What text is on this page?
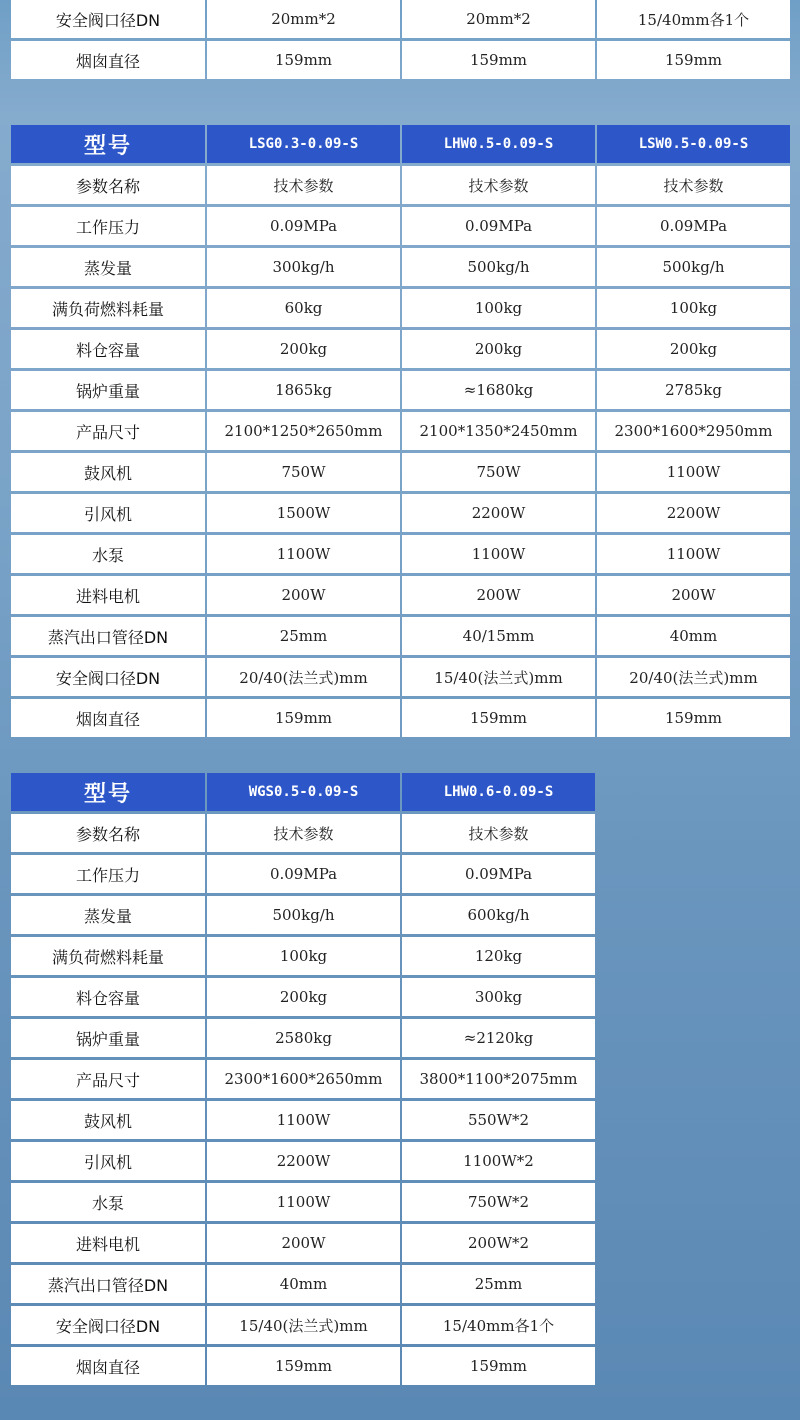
安全阀口径DN	20mm*2	20mm*2	15/40mm各1个
烟囱直径	159mm	159mm	159mm
型号	LSG0.3-0.09-S	LHW0.5-0.09-S	LSW0.5-0.09-S
参数名称	技术参数	技术参数	技术参数
工作压力	0.09MPa	0.09MPa	0.09MPa
蒸发量	300kg/h	500kg/h	500kg/h
满负荷燃料耗量	60kg	100kg	100kg
料仓容量	200kg	200kg	200kg
锅炉重量	1865kg	≈1680kg	2785kg
产品尺寸	2100*1250*2650mm	2100*1350*2450mm	2300*1600*2950mm
鼓风机	750W	750W	1100W
引风机	1500W	2200W	2200W
水泵	1100W	1100W	1100W
进料电机	200W	200W	200W
蒸汽出口管径DN	25mm	40/15mm	40mm
安全阀口径DN	20/40(法兰式)mm	15/40(法兰式)mm	20/40(法兰式)mm
烟囱直径	159mm	159mm	159mm
型号	WGS0.5-0.09-S	LHW0.6-0.09-S
参数名称	技术参数	技术参数
工作压力	0.09MPa	0.09MPa
蒸发量	500kg/h	600kg/h
满负荷燃料耗量	100kg	120kg
料仓容量	200kg	300kg
锅炉重量	2580kg	≈2120kg
产品尺寸	2300*1600*2650mm	3800*1100*2075mm
鼓风机	1100W	550W*2
引风机	2200W	1100W*2
水泵	1100W	750W*2
进料电机	200W	200W*2
蒸汽出口管径DN	40mm	25mm
安全阀口径DN	15/40(法兰式)mm	15/40mm各1个
烟囱直径	159mm	159mm
